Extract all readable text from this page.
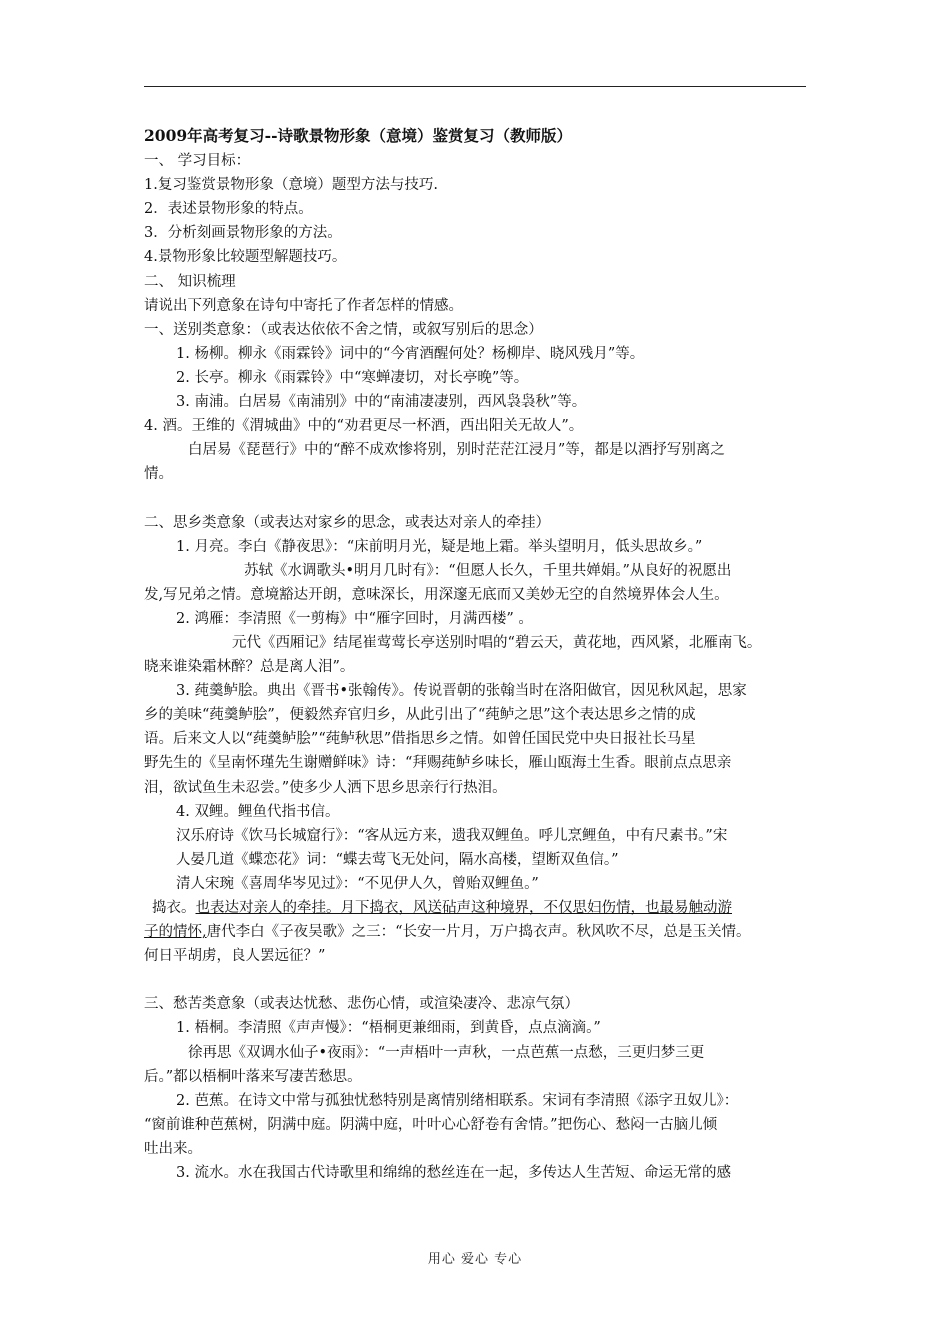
2009年高考复习--诗歌景物形象（意境）鉴赏复习（教师版）
一、 学习目标：
1.复习鉴赏景物形象（意境）题型方法与技巧.
2．表述景物形象的特点。
3．分析刻画景物形象的方法。
4.景物形象比较题型解题技巧。
二、 知识梳理
请说出下列意象在诗句中寄托了作者怎样的情感。
一、送别类意象：（或表达依依不舍之情，或叙写别后的思念）
1. 杨柳。柳永《雨霖铃》词中的“今宵酒醒何处？杨柳岸、晓风残月”等。
2. 长亭。柳永《雨霖铃》中“寒蝉凄切，对长亭晚”等。
3. 南浦。白居易《南浦别》中的“南浦凄凄别，西风袅袅秋”等。
4. 酒。王维的《渭城曲》中的“劝君更尽一杯酒，西出阳关无故人”。
白居易《琵琶行》中的“醉不成欢惨将别，别时茫茫江浸月”等，都是以酒抒写别离之
情。
二、思乡类意象（或表达对家乡的思念，或表达对亲人的牵挂）
1. 月亮。李白《静夜思》：“床前明月光，疑是地上霜。举头望明月，低头思故乡。”
苏轼《水调歌头•明月几时有》：“但愿人长久，千里共婵娟。”从良好的祝愿出
发,写兄弟之情。意境豁达开朗，意味深长，用深邃无底而又美妙无空的自然境界体会人生。
2. 鸿雁：李清照《一剪梅》中“雁字回时，月满西楼” 。
元代《西厢记》结尾崔莺莺长亭送别时唱的“碧云天，黄花地，西风紧，北雁南飞。
晓来谁染霜林醉？总是离人泪”。
3. 莼羹鲈脍。典出《晋书•张翰传》。传说晋朝的张翰当时在洛阳做官，因见秋风起，思家
乡的美味“莼羹鲈脍”，便毅然弃官归乡，从此引出了“莼鲈之思”这个表达思乡之情的成
语。后来文人以“莼羹鲈脍”“莼鲈秋思”借指思乡之情。如曾任国民党中央日报社长马星
野先生的《呈南怀瑾先生谢赠鲜味》诗：“拜赐莼鲈乡味长，雁山瓯海土生香。眼前点点思亲
泪，欲试鱼生未忍尝。”使多少人洒下思乡思亲行行热泪。
4. 双鲤。鲤鱼代指书信。
汉乐府诗《饮马长城窟行》：“客从远方来，遗我双鲤鱼。呼儿烹鲤鱼，中有尺素书。”宋
人晏几道《蝶恋花》词：“蝶去莺飞无处问，隔水高楼，望断双鱼信。”
清人宋琬《喜周华岑见过》：“不见伊人久，曾贻双鲤鱼。”
捣衣。也表达对亲人的牵挂。月下捣衣，风送砧声这种境界，不仅思妇伤情，也最易触动游
子的情怀,唐代李白《子夜吴歌》之三：“长安一片月，万户捣衣声。秋风吹不尽，总是玉关情。
何日平胡虏，良人罢远征？”
三、愁苦类意象（或表达忧愁、悲伤心情，或渲染凄冷、悲凉气氛）
1. 梧桐。李清照《声声慢》：“梧桐更兼细雨，到黄昏，点点滴滴。”
徐再思《双调水仙子•夜雨》：“一声梧叶一声秋，一点芭蕉一点愁，三更归梦三更
后。”都以梧桐叶落来写凄苦愁思。
2. 芭蕉。在诗文中常与孤独忧愁特别是离情别绪相联系。宋词有李清照《添字丑奴儿》：
“窗前谁种芭蕉树，阴满中庭。阴满中庭，叶叶心心舒卷有舍情。”把伤心、愁闷一古脑儿倾
吐出来。
3. 流水。水在我国古代诗歌里和绵绵的愁丝连在一起，多传达人生苦短、命运无常的感
用心 爱心 专心
